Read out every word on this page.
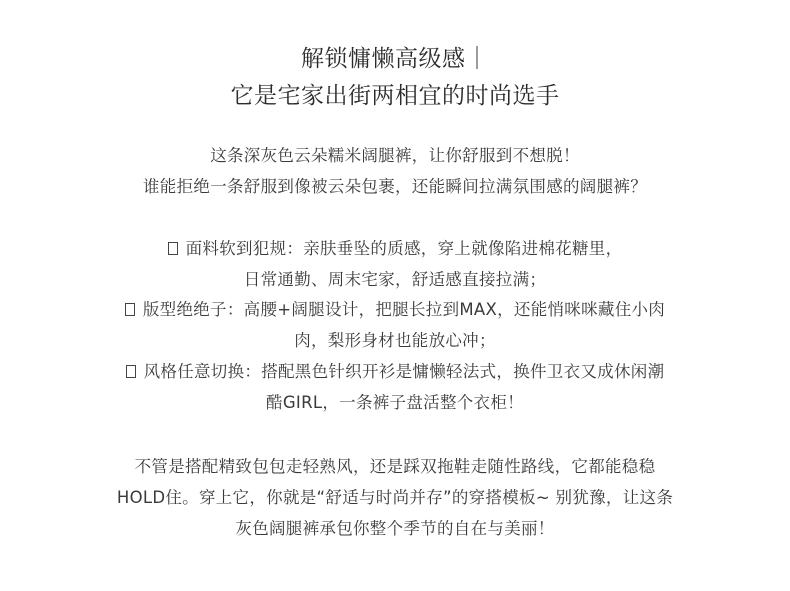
解锁慵懒高级感｜
它是宅家出街两相宜的时尚选手
这条深灰色云朵糯米阔腿裤，让你舒服到不想脱！
谁能拒绝一条舒服到像被云朵包裹，还能瞬间拉满氛围感的阔腿裤？
面料软到犯规：亲肤垂坠的质感，穿上就像陷进棉花糖里，
日常通勤、周末宅家，舒适感直接拉满；
版型绝绝子：高腰+阔腿设计，把腿长拉到MAX，还能悄咪咪藏住小肉
肉，梨形身材也能放心冲；
风格任意切换：搭配黑色针织开衫是慵懒轻法式，换件卫衣又成休闲潮
酷GIRL，一条裤子盘活整个衣柜！
不管是搭配精致包包走轻熟风，还是踩双拖鞋走随性路线，它都能稳稳
HOLD住。穿上它，你就是“舒适与时尚并存”的穿搭模板~ 别犹豫，让这条
灰色阔腿裤承包你整个季节的自在与美丽！
